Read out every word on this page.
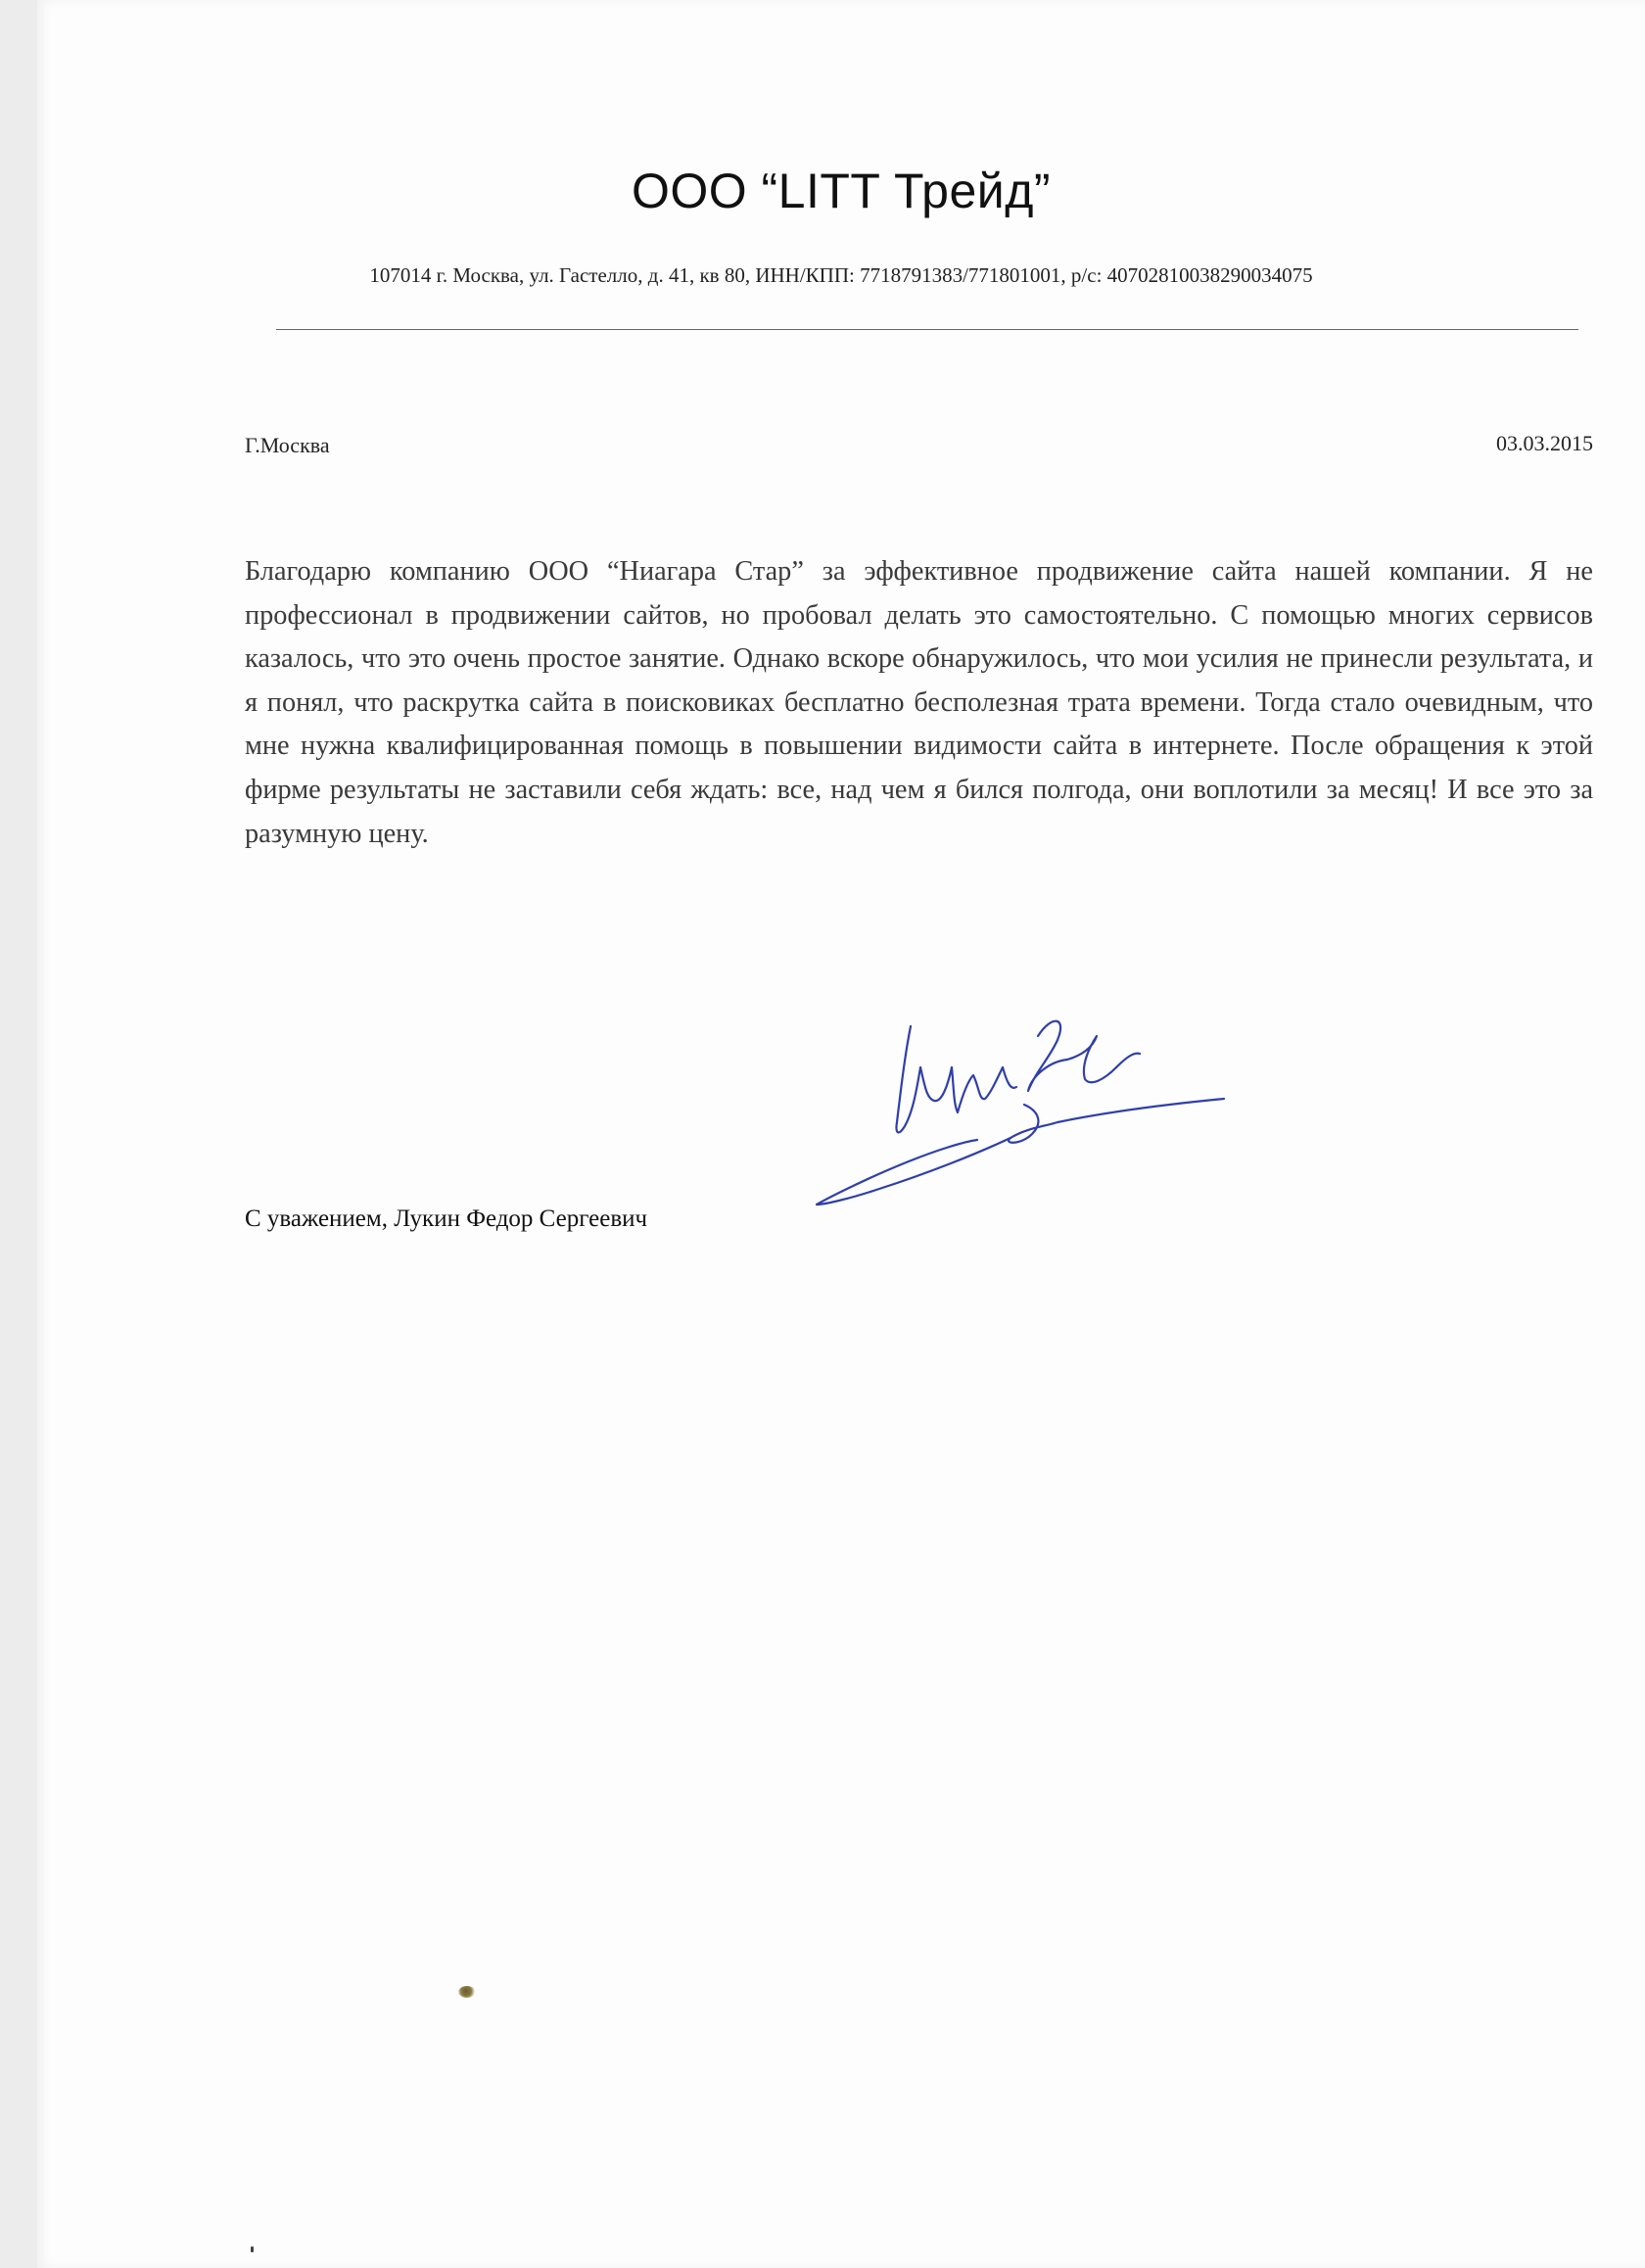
ООО “LITT Трейд”
107014 г. Москва, ул. Гастелло, д. 41, кв 80, ИНН/КПП: 7718791383/771801001, р/с: 40702810038290034075
Г.Москва	03.03.2015

Благодарю компанию ООО “Ниагара Стар” за эффективное продвижение сайта нашей компании. Я не профессионал в продвижении сайтов, но пробовал делать это самостоятельно. С помощью многих сервисов казалось, что это очень простое занятие. Однако вскоре обнаружилось, что мои усилия не принесли результата, и я понял, что раскрутка сайта в поисковиках бесплатно бесполезная трата времени. Тогда стало очевидным, что мне нужна квалифицированная помощь в повышении видимости сайта в интернете. После обращения к этой фирме результаты не заставили себя ждать: все, над чем я бился полгода, они воплотили за месяц! И все это за разумную цену.

С уважением, Лукин Федор Сергеевич
